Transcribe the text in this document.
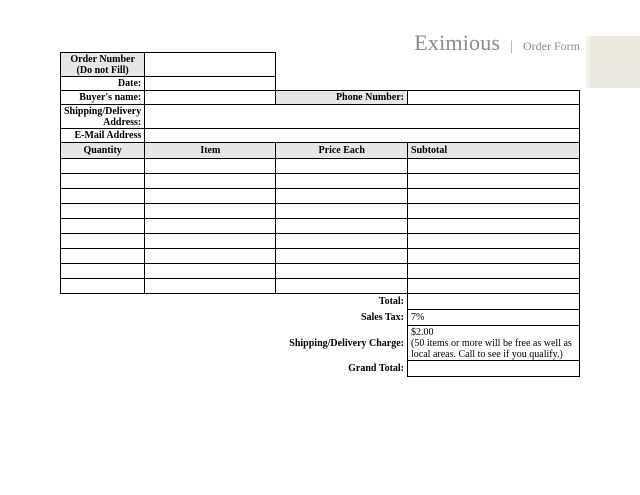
Eximious | Order Form
Order Number
(Do not Fill)			
Date:			
Buyer's name:		Phone Number:	
Shipping/Delivery
Address:			
E-Mail Address			
Quantity	Item	Price Each	Subtotal

		Total:	
		Sales Tax:	7%
		Shipping/Delivery Charge:	$2.00
(50 items or more will be free as well as local areas. Call to see if you qualify.)
		Grand Total:	
